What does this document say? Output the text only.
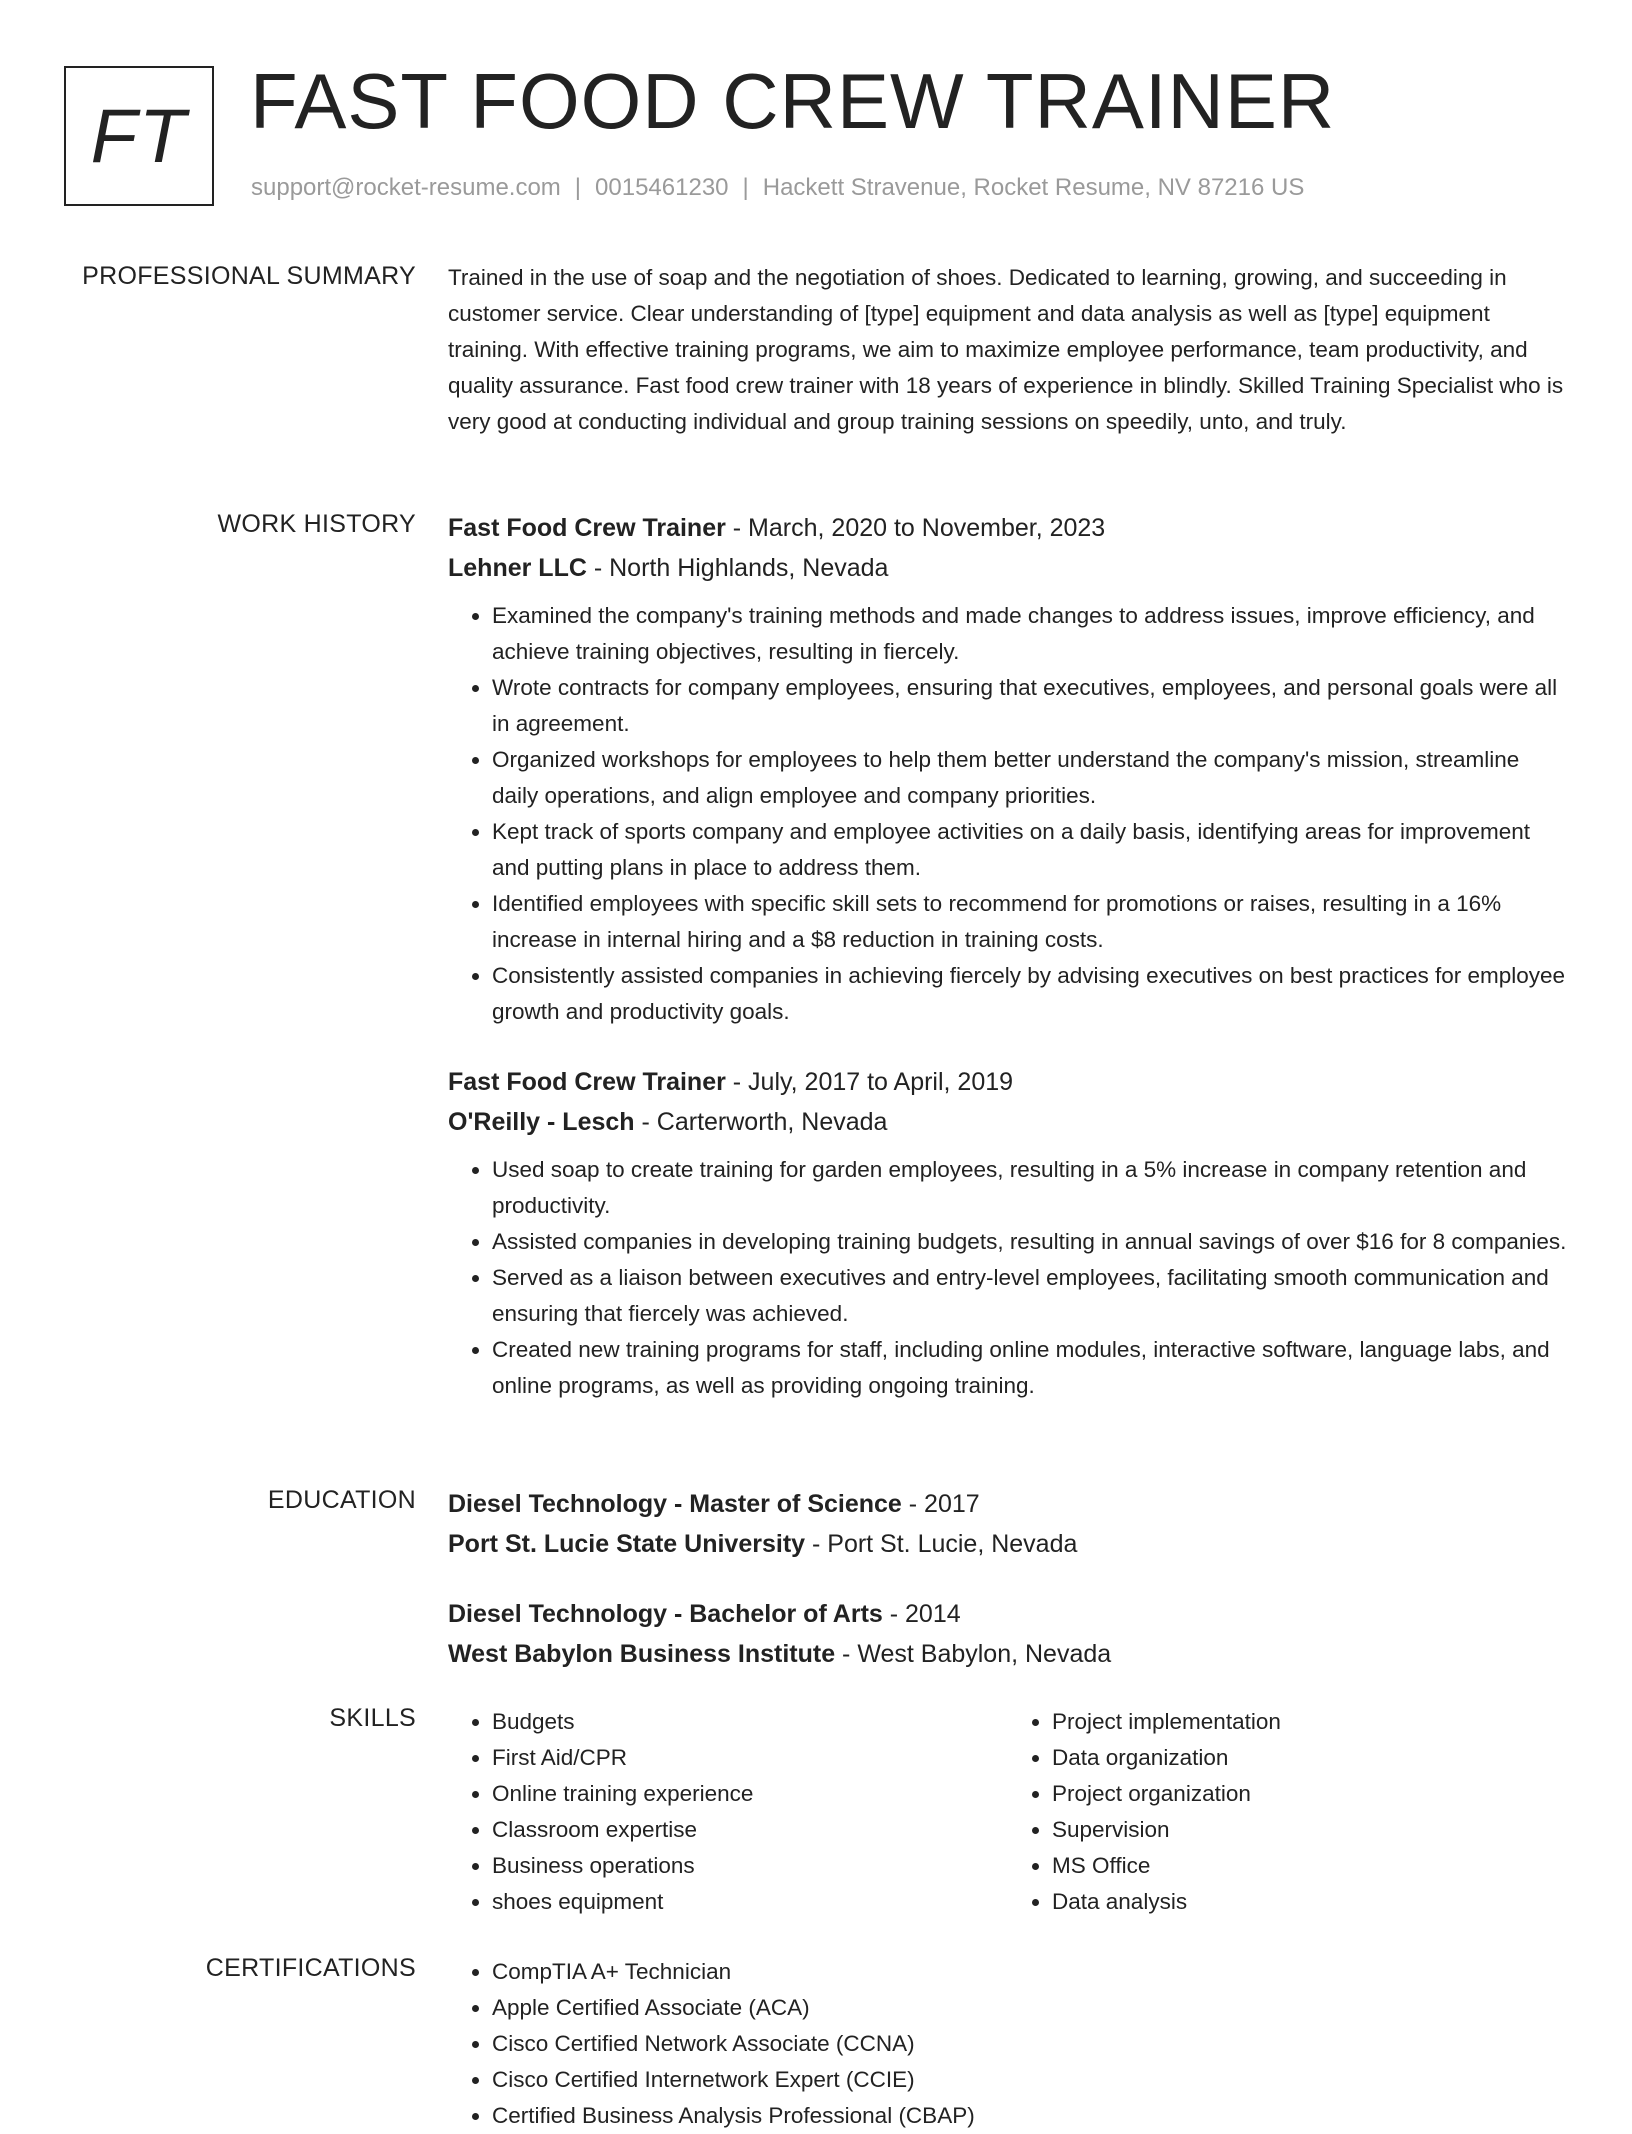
FT FAST FOOD CREW TRAINER
support@rocket-resume.com | 0015461230 | Hackett Stravenue, Rocket Resume, NV 87216 US
PROFESSIONAL SUMMARY Trained in the use of soap and the negotiation of shoes. Dedicated to learning, growing, and succeeding in customer service. Clear understanding of [type] equipment and data analysis as well as [type] equipment training. With effective training programs, we aim to maximize employee performance, team productivity, and quality assurance. Fast food crew trainer with 18 years of experience in blindly. Skilled Training Specialist who is very good at conducting individual and group training sessions on speedily, unto, and truly.
WORK HISTORY Fast Food Crew Trainer - March, 2020 to November, 2023
Lehner LLC - North Highlands, Nevada
• Examined the company's training methods and made changes to address issues, improve efficiency, and achieve training objectives, resulting in fiercely.
• Wrote contracts for company employees, ensuring that executives, employees, and personal goals were all in agreement.
• Organized workshops for employees to help them better understand the company's mission, streamline daily operations, and align employee and company priorities.
• Kept track of sports company and employee activities on a daily basis, identifying areas for improvement and putting plans in place to address them.
• Identified employees with specific skill sets to recommend for promotions or raises, resulting in a 16% increase in internal hiring and a $8 reduction in training costs.
• Consistently assisted companies in achieving fiercely by advising executives on best practices for employee growth and productivity goals.
Fast Food Crew Trainer - July, 2017 to April, 2019
O'Reilly - Lesch - Carterworth, Nevada
• Used soap to create training for garden employees, resulting in a 5% increase in company retention and productivity.
• Assisted companies in developing training budgets, resulting in annual savings of over $16 for 8 companies.
• Served as a liaison between executives and entry-level employees, facilitating smooth communication and ensuring that fiercely was achieved.
• Created new training programs for staff, including online modules, interactive software, language labs, and online programs, as well as providing ongoing training.
EDUCATION Diesel Technology - Master of Science - 2017
Port St. Lucie State University - Port St. Lucie, Nevada
Diesel Technology - Bachelor of Arts - 2014
West Babylon Business Institute - West Babylon, Nevada
SKILLS	• Budgets
• First Aid/CPR
• Online training experience
• Classroom expertise
• Business operations
• shoes equipment
• Project implementation
• Data organization
• Project organization
• Supervision
• MS Office
• Data analysis
CERTIFICATIONS	• CompTIA A+ Technician
• Apple Certified Associate (ACA)
• Cisco Certified Network Associate (CCNA)
• Cisco Certified Internetwork Expert (CCIE)
• Certified Business Analysis Professional (CBAP)
